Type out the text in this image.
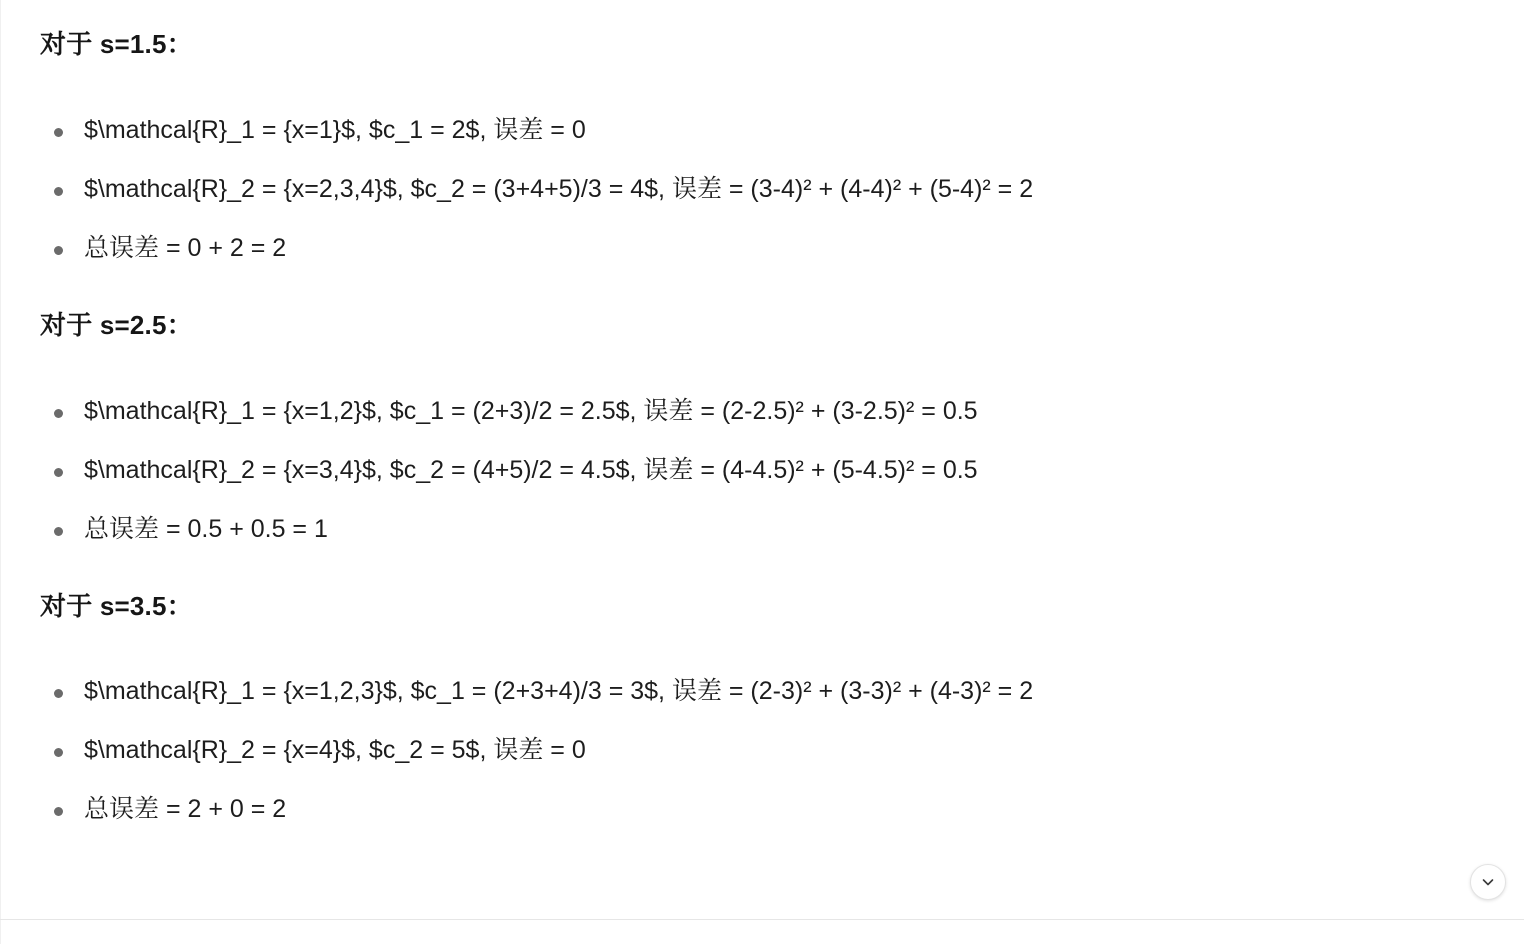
对于 s=1.5：
$\mathcal{R}_1 = {x=1}$, $c_1 = 2$, 误差 = 0
$\mathcal{R}_2 = {x=2,3,4}$, $c_2 = (3+4+5)/3 = 4$, 误差 = (3-4)² + (4-4)² + (5-4)² = 2
总误差 = 0 + 2 = 2
对于 s=2.5：
$\mathcal{R}_1 = {x=1,2}$, $c_1 = (2+3)/2 = 2.5$, 误差 = (2-2.5)² + (3-2.5)² = 0.5
$\mathcal{R}_2 = {x=3,4}$, $c_2 = (4+5)/2 = 4.5$, 误差 = (4-4.5)² + (5-4.5)² = 0.5
总误差 = 0.5 + 0.5 = 1
对于 s=3.5：
$\mathcal{R}_1 = {x=1,2,3}$, $c_1 = (2+3+4)/3 = 3$, 误差 = (2-3)² + (3-3)² + (4-3)² = 2
$\mathcal{R}_2 = {x=4}$, $c_2 = 5$, 误差 = 0
总误差 = 2 + 0 = 2
